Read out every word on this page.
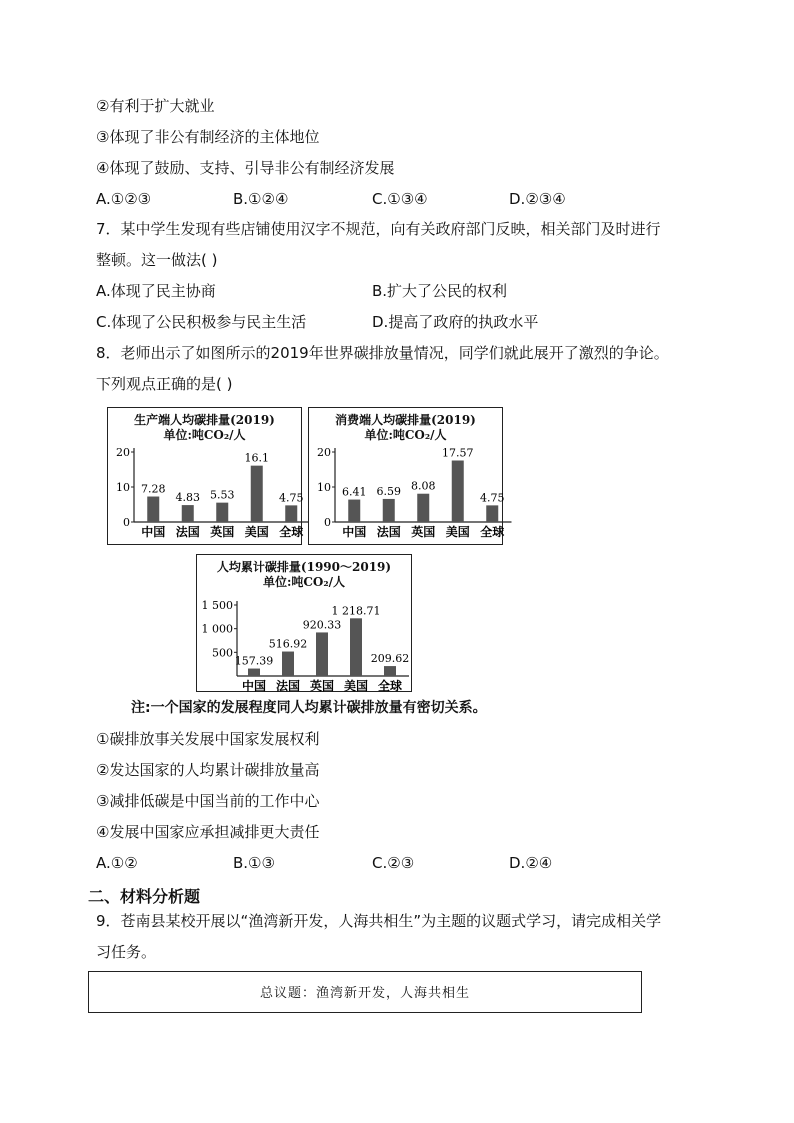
②有利于扩大就业
③体现了非公有制经济的主体地位
④体现了鼓励、支持、引导非公有制经济发展
A.①②③	B.①②④	C.①③④	D.②③④
7．某中学生发现有些店铺使用汉字不规范，向有关政府部门反映，相关部门及时进行
整顿。这一做法( )
A.体现了民主协商	B.扩大了公民的权利
C.体现了公民积极参与民主生活	D.提高了政府的执政水平
8．老师出示了如图所示的2019年世界碳排放量情况，同学们就此展开了激烈的争论。
下列观点正确的是( )
生产端人均碳排量(2019)
单位:吨CO₂/人
0
10
20
7.28
中国
4.83
法国
5.53
英国
16.1
美国
4.75
全球
消费端人均碳排量(2019)
单位:吨CO₂/人
0
10
20
6.41
中国
6.59
法国
8.08
英国
17.57
美国
4.75
全球
人均累计碳排量(1990～2019)
单位:吨CO₂/人
500
1 000
1 500
157.39
中国
516.92
法国
920.33
英国
1 218.71
美国
209.62
全球
注:一个国家的发展程度同人均累计碳排放量有密切关系。
①碳排放事关发展中国家发展权利
②发达国家的人均累计碳排放量高
③减排低碳是中国当前的工作中心
④发展中国家应承担减排更大责任
A.①②	B.①③	C.②③	D.②④
二、材料分析题
9．苍南县某校开展以“渔湾新开发，人海共相生”为主题的议题式学习，请完成相关学
习任务。
总议题：渔湾新开发，人海共相生
